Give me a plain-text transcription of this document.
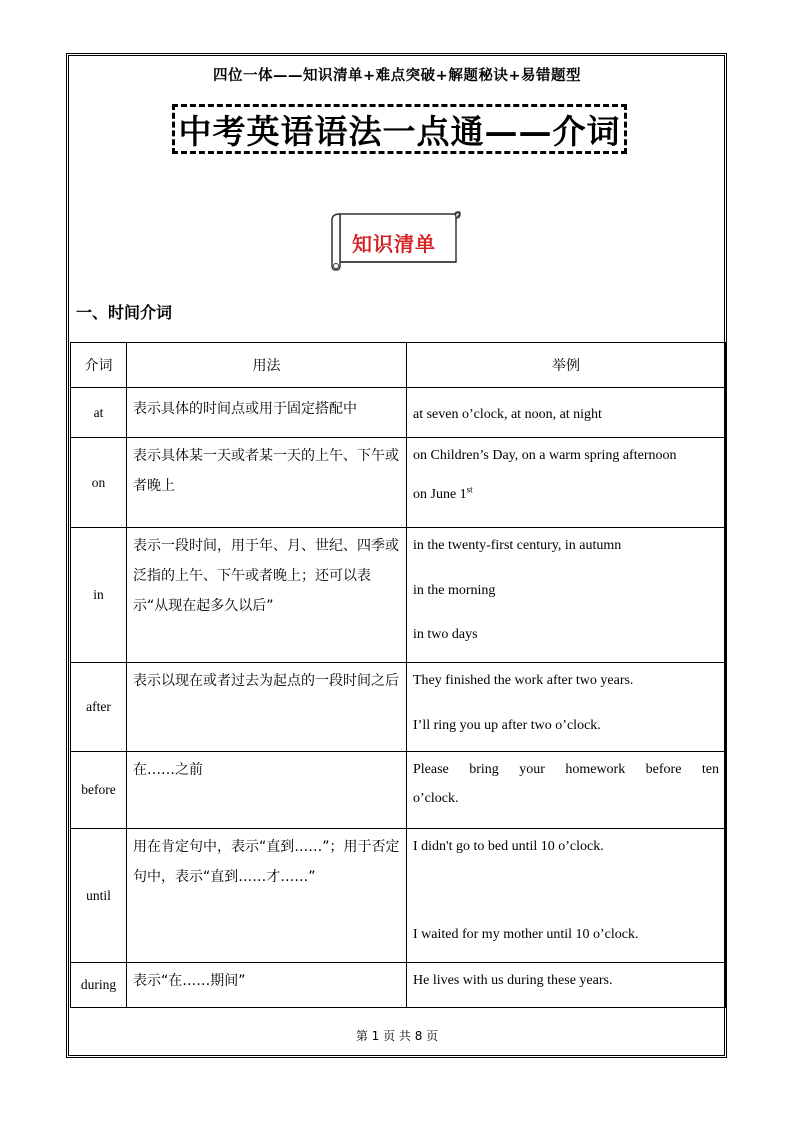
四位一体——知识清单+难点突破+解题秘诀+易错题型
中考英语语法一点通——介词
知识清单
一、时间介词
介词	用法	举例
at	表示具体的时间点或用于固定搭配中	at seven o’clock, at noon, at night

on	表示具体某一天或者某一天的上午、下午或者晚上	on Children’s Day, on a warm spring afternoon
on June 1st

in	表示一段时间，用于年、月、世纪、四季或泛指的上午、下午或者晚上；还可以表示“从现在起多久以后”	in the twenty-first century, in autumn
in the morning
in two days

after	表示以现在或者过去为起点的一段时间之后	They finished the work after two years.
I’ll ring you up after two o’clock.

before	在……之前	Please bring your homework before ten
o’clock.

until	用在肯定句中，表示“直到……”；用于否定句中，表示“直到……才……”	I didn't go to bed until 10 o’clock.
I waited for my mother until 10 o’clock.

during	表示“在……期间”	He lives with us during these years.
第 1 页 共 8 页
